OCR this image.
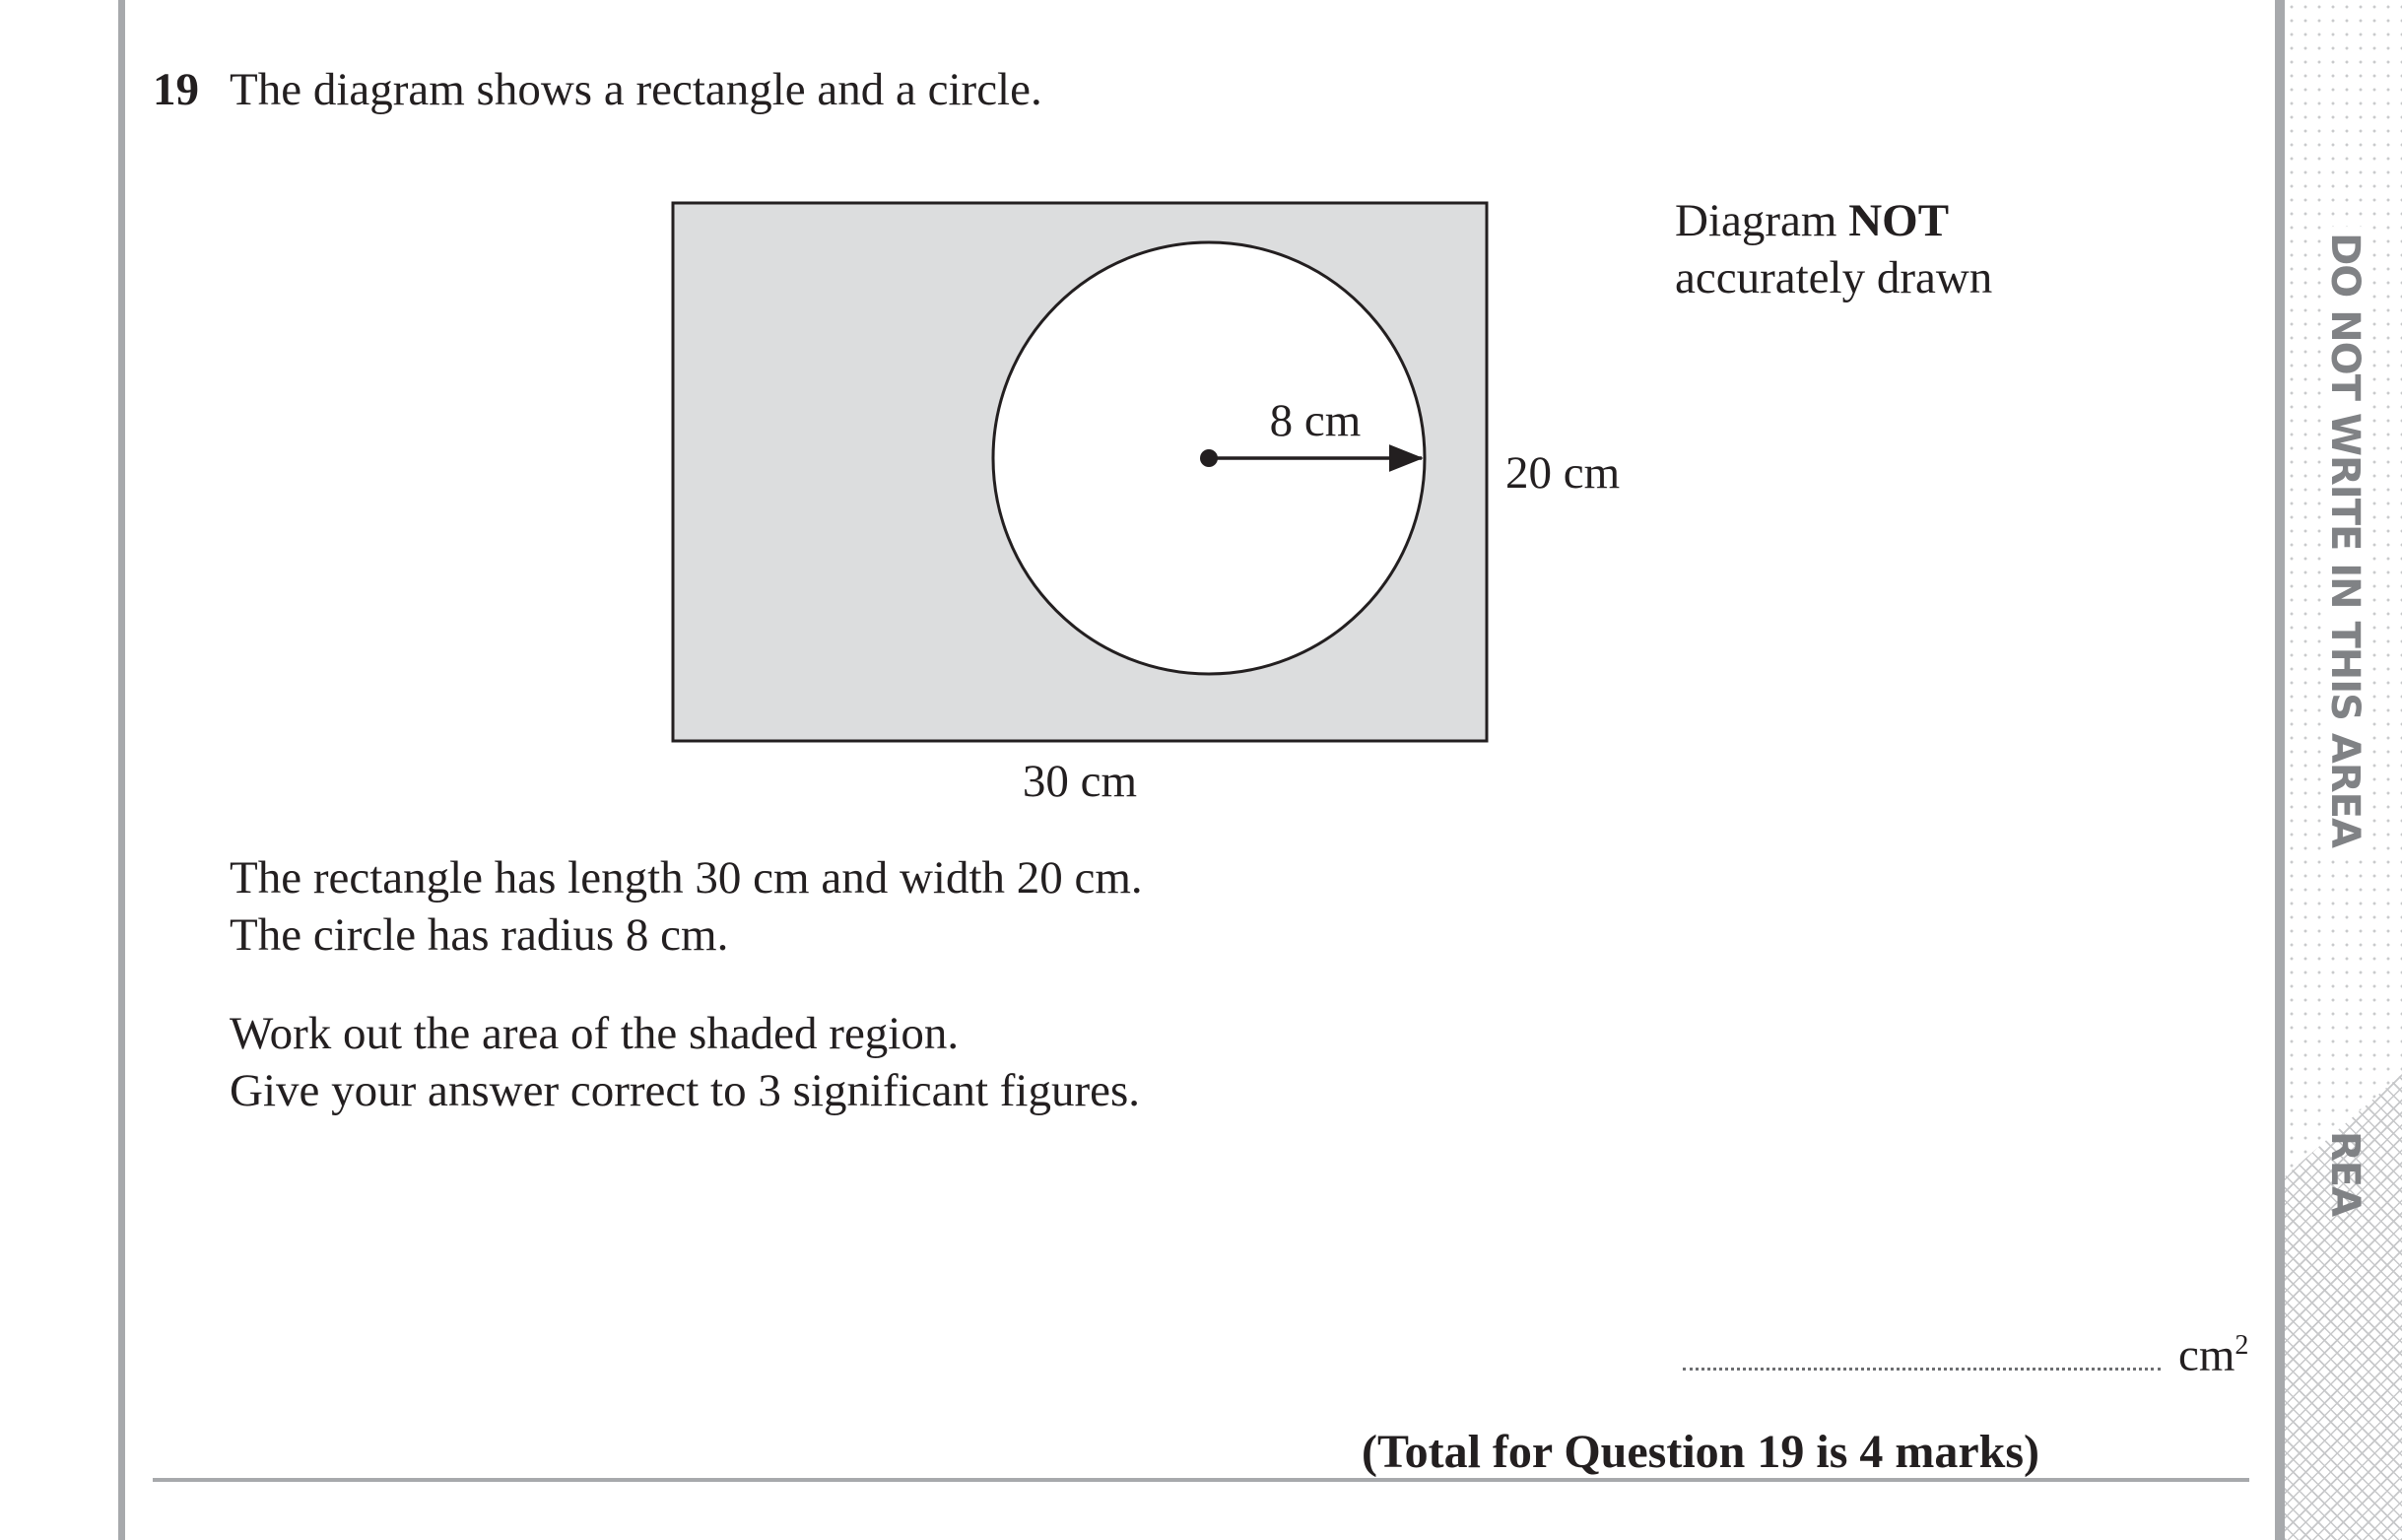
DO NOT WRITE IN THIS AREA
REA
19 The diagram shows a rectangle and a circle.
8 cm
20 cm
30 cm
Diagram NOT
accurately drawn
The rectangle has length 30 cm and width 20 cm.
The circle has radius 8 cm.
Work out the area of the shaded region.
Give your answer correct to 3 significant figures.
$cm^2$
(Total for Question 19 is 4 marks)
